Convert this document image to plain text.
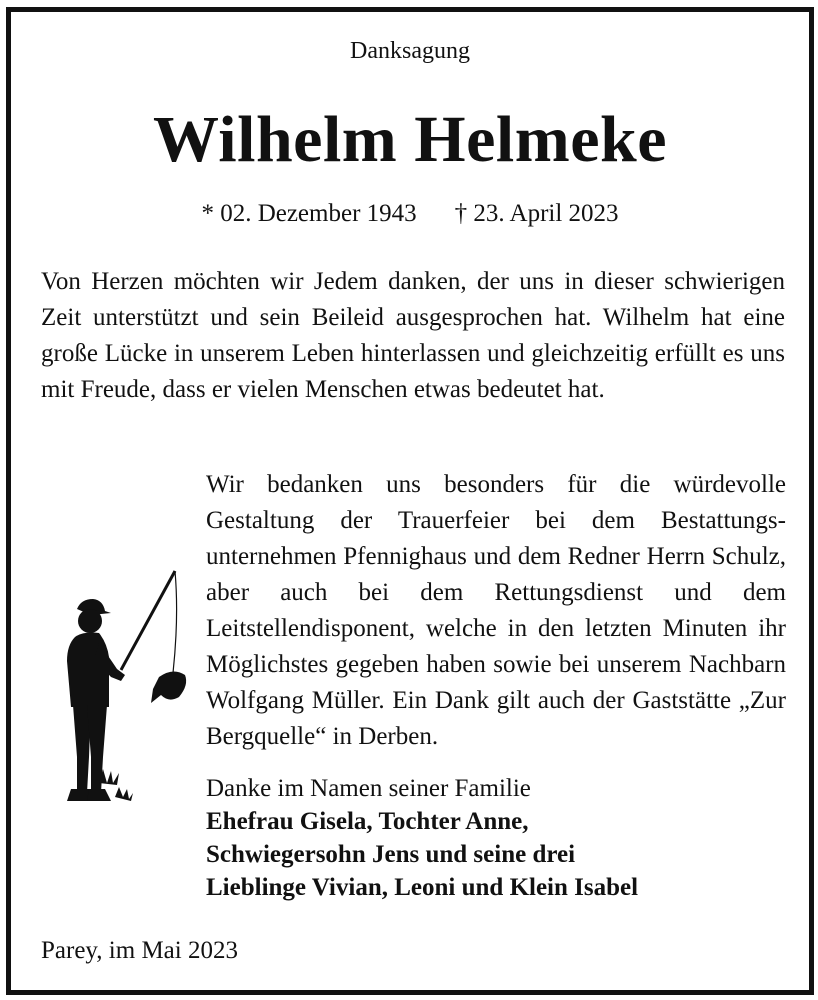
Danksagung
Wilhelm Helmeke
* 02. Dezember 1943 † 23. April 2023
Von Herzen möchten wir Jedem danken, der uns in dieser schwierigen Zeit unterstützt und sein Beileid ausgesprochen hat. Wilhelm hat eine große Lücke in unserem Leben hinterlassen und gleichzeitig erfüllt es uns mit Freude, dass er vielen Menschen etwas bedeutet hat.
Wir bedanken uns besonders für die würdevolle Gestaltung der Trauerfeier bei dem Bestattungsunternehmen Pfennighaus und dem Redner Herrn Schulz, aber auch bei dem Rettungsdienst und dem Leitstellendisponent, welche in den letzten Minuten ihr Möglichstes gegeben haben sowie bei unserem Nachbarn Wolfgang Müller. Ein Dank gilt auch der Gaststätte „Zur Bergquelle“ in Derben.
Danke im Namen seiner Familie
Ehefrau Gisela, Tochter Anne,
Schwiegersohn Jens und seine drei
Lieblinge Vivian, Leoni und Klein Isabel
Parey, im Mai 2023
